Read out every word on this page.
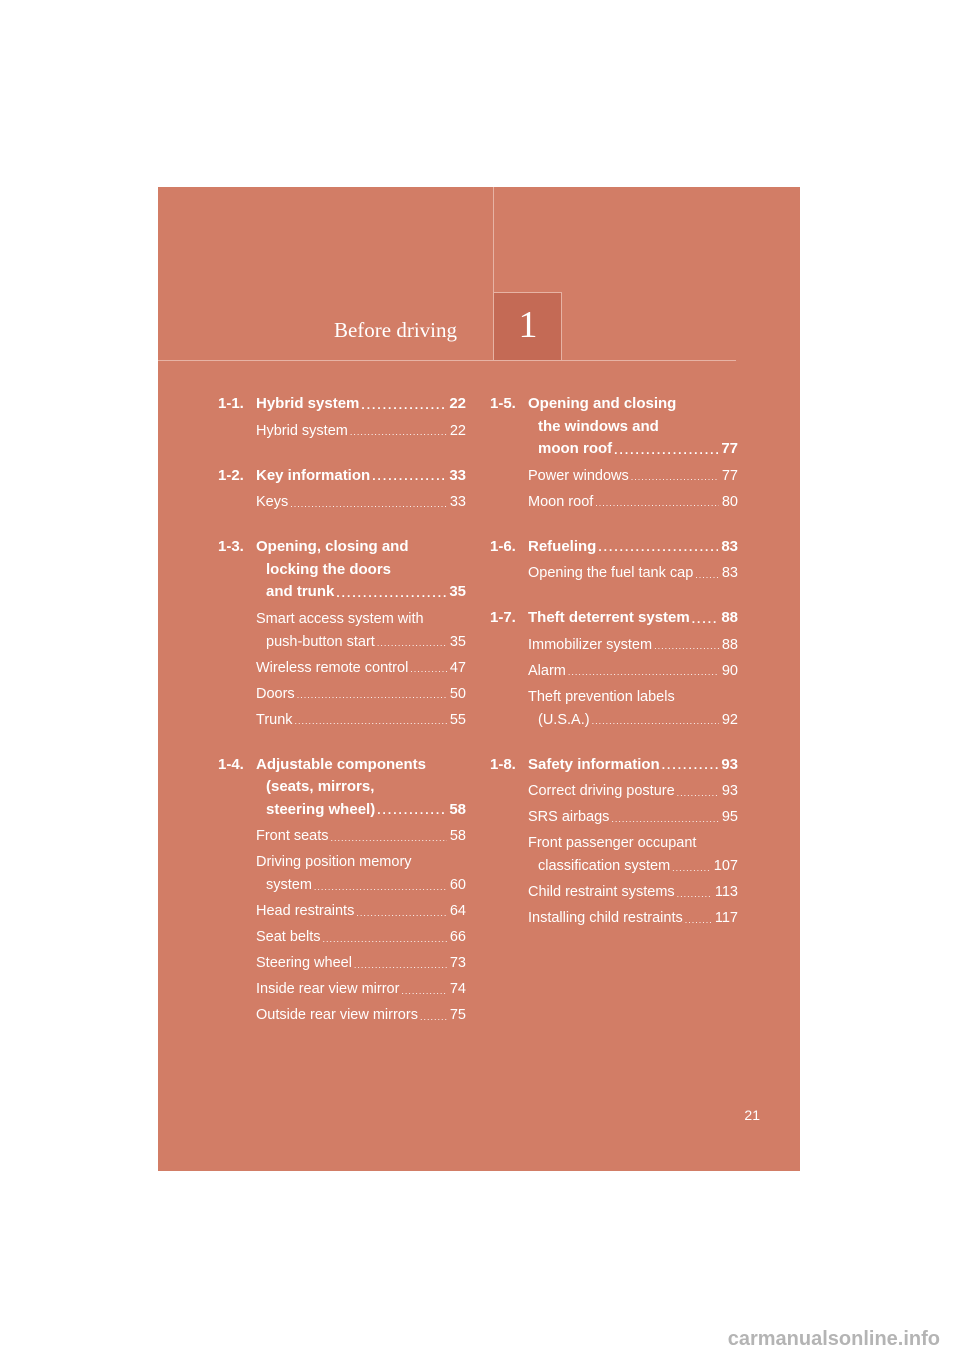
1
Before driving
1-1. Hybrid system .....	22
Hybrid system .....	22
1-2. Key information .....	33
Keys .....	33
1-3. Opening, closing and
locking the doors
and trunk .....	35
Smart access system with
push-button start .....	35
Wireless remote control .....	47
Doors .....	50
Trunk .....	55
1-4. Adjustable components
(seats, mirrors,
steering wheel) .....	58
Front seats .....	58
Driving position memory
system .....	60
Head restraints .....	64
Seat belts .....	66
Steering wheel .....	73
Inside rear view mirror .....	74
Outside rear view mirrors ..... 75
1-5. Opening and closing
the windows and
moon roof .....	77
Power windows .....	77
Moon roof .....	80
1-6. Refueling .....	83
Opening the fuel tank cap ..... 83
1-7. Theft deterrent system ..... 88
Immobilizer system .....	88
Alarm .....	90
Theft prevention labels
(U.S.A.) .....	92
1-8. Safety information .....	93
Correct driving posture .....	93
SRS airbags .....	95
Front passenger occupant
classification system .....	107
Child restraint systems .....	113
Installing child restraints ..... 117
21
carmanualsonline.info
